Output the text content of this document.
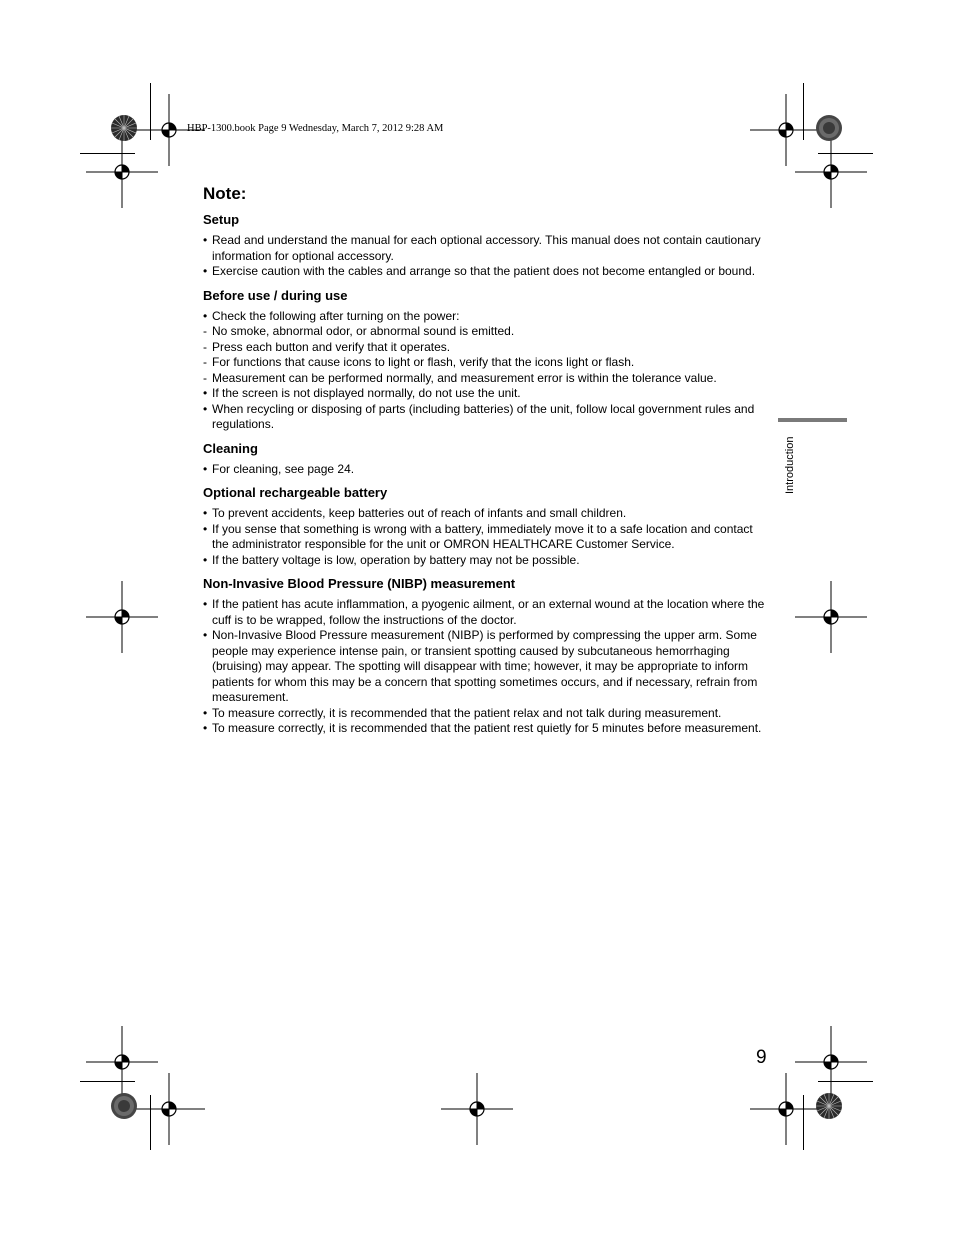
HBP-1300.book Page 9 Wednesday, March 7, 2012 9:28 AM
Note:
Setup
• Read and understand the manual for each optional accessory. This manual does not contain cautionary information for optional accessory.
• Exercise caution with the cables and arrange so that the patient does not become entangled or bound.
Before use / during use
• Check the following after turning on the power:
- No smoke, abnormal odor, or abnormal sound is emitted.
- Press each button and verify that it operates.
- For functions that cause icons to light or flash, verify that the icons light or flash.
- Measurement can be performed normally, and measurement error is within the tolerance value.
• If the screen is not displayed normally, do not use the unit.
• When recycling or disposing of parts (including batteries) of the unit, follow local government rules and regulations.
Cleaning
• For cleaning, see page 24.
Optional rechargeable battery
• To prevent accidents, keep batteries out of reach of infants and small children.
• If you sense that something is wrong with a battery, immediately move it to a safe location and contact the administrator responsible for the unit or OMRON HEALTHCARE Customer Service.
• If the battery voltage is low, operation by battery may not be possible.
Non-Invasive Blood Pressure (NIBP) measurement
• If the patient has acute inflammation, a pyogenic ailment, or an external wound at the location where the cuff is to be wrapped, follow the instructions of the doctor.
• Non-Invasive Blood Pressure measurement (NIBP) is performed by compressing the upper arm. Some people may experience intense pain, or transient spotting caused by subcutaneous hemorrhaging (bruising) may appear. The spotting will disappear with time; however, it may be appropriate to inform patients for whom this may be a concern that spotting sometimes occurs, and if necessary, refrain from measurement.
• To measure correctly, it is recommended that the patient relax and not talk during measurement.
• To measure correctly, it is recommended that the patient rest quietly for 5 minutes before measurement.
Introduction
9
